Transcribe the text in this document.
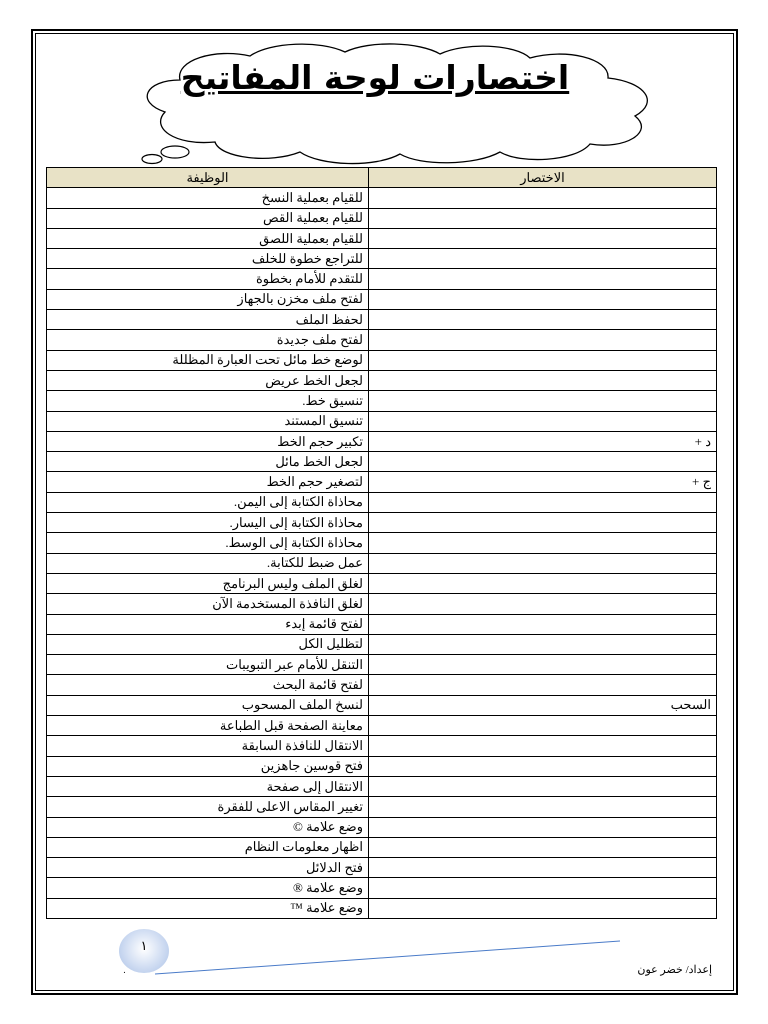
اختصارات لوحة المفاتيح
الوظيفة	الاختصار
للقيام بعملية النسخ	
للقيام بعملية القص	
للقيام بعملية اللصق	
للتراجع خطوة للخلف	
للتقدم للأمام بخطوة	
لفتح ملف مخزن بالجهاز	
لحفظ الملف	
لفتح ملف جديدة	
لوضع خط مائل تحت العبارة المظللة	
لجعل الخط عريض	
تنسيق خط.	
تنسيق المستند	
تكبير حجم الخط	د +
لجعل الخط مائل	
لتصغير حجم الخط	ج +
محاذاة الكتابة إلى اليمن.	
محاذاة الكتابة إلى اليسار.	
محاذاة الكتابة إلى الوسط.	
عمل ضبط للكتابة.	
لغلق الملف وليس البرنامج	
لغلق النافذة المستخدمة الآن	
لفتح قائمة إبدء	
لتظليل الكل	
التنقل للأمام عبر التبويبات	
لفتح قائمة البحث	
لنسخ الملف المسحوب	السحب
معاينة الصفحة قبل الطباعة	
الانتقال للنافذة السابقة	
فتح قوسين جاهزين	
الانتقال إلى صفحة	
تغيير المقاس الاعلى للفقرة	
وضع علامة ©	
اظهار معلومات النظام	
فتح الدلائل	
وضع علامة ®	
وضع علامة ™	
١
.	إعداد/ خضر عون
